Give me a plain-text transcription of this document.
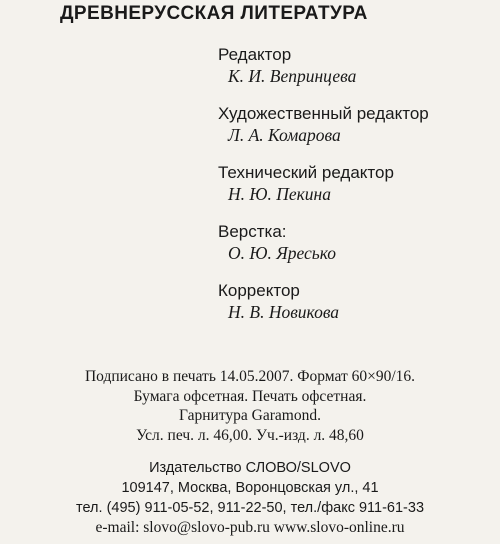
ДРЕВНЕРУССКАЯ ЛИТЕРАТУРА
Редактор
К. И. Вепринцева
Художественный редактор
Л. А. Комарова
Технический редактор
Н. Ю. Пекина
Верстка:
О. Ю. Яресько
Корректор
Н. В. Новикова
Подписано в печать 14.05.2007. Формат 60×90/16.
Бумага офсетная. Печать офсетная.
Гарнитура Garamond.
Усл. печ. л. 46,00. Уч.-изд. л. 48,60
Издательство СЛОВО/SLOVO
109147, Москва, Воронцовская ул., 41
тел. (495) 911-05-52, 911-22-50, тел./факс 911-61-33
e-mail: slovo@slovo-pub.ru www.slovo-online.ru
